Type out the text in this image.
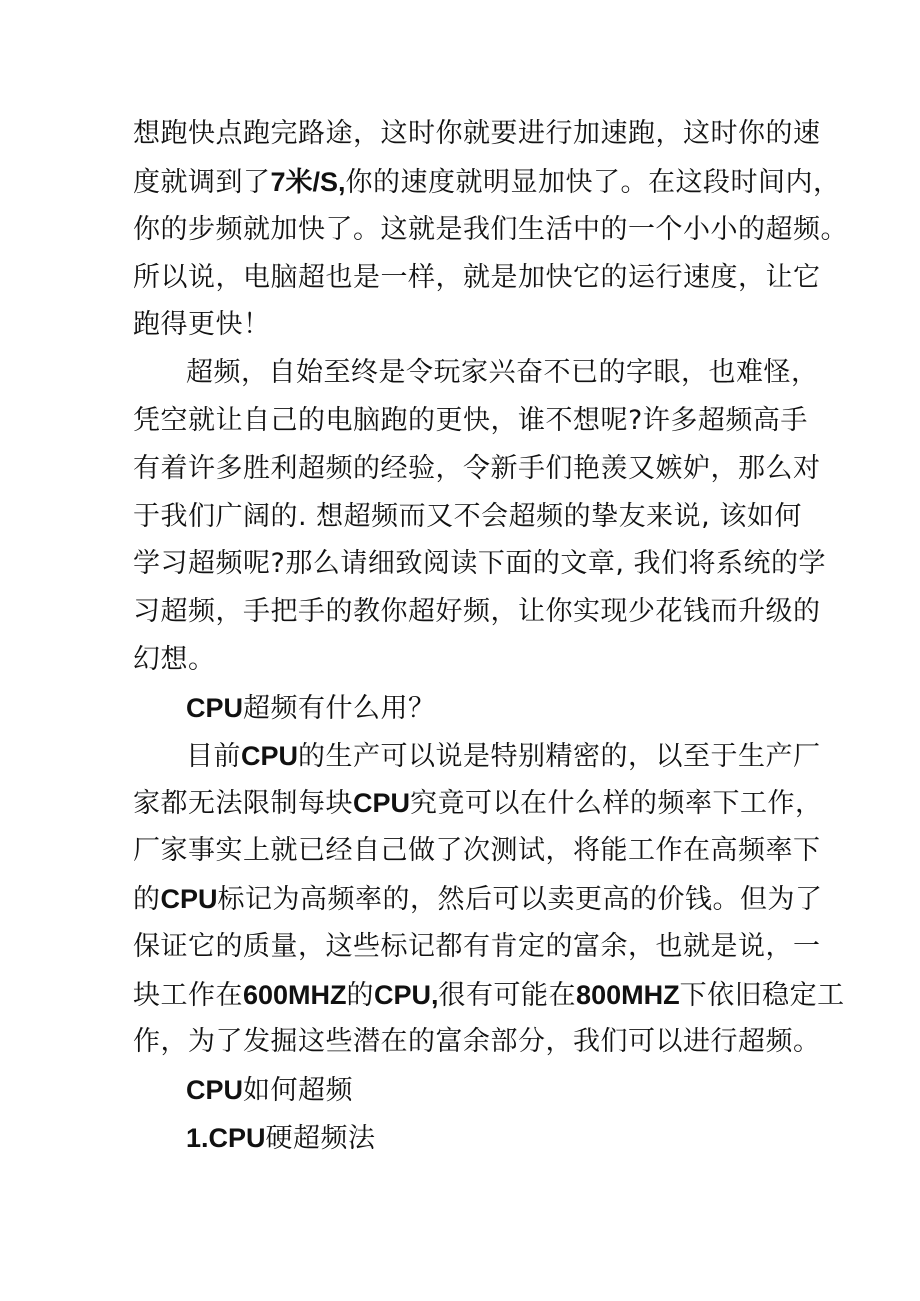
想跑快点跑完路途，这时你就要进行加速跑，这时你的速
度就调到了7米/S,你的速度就明显加快了。在这段时间内，
你的步频就加快了。这就是我们生活中的一个小小的超频。
所以说，电脑超也是一样，就是加快它的运行速度，让它
跑得更快！
超频，自始至终是令玩家兴奋不已的字眼，也难怪，
凭空就让自己的电脑跑的更快，谁不想呢?许多超频高手
有着许多胜利超频的经验，令新手们艳羡又嫉妒，那么对
于我们广阔的. 想超频而又不会超频的挚友来说, 该如何
学习超频呢?那么请细致阅读下面的文章, 我们将系统的学
习超频，手把手的教你超好频，让你实现少花钱而升级的
幻想。
CPU超频有什么用？
目前CPU的生产可以说是特别精密的，以至于生产厂
家都无法限制每块CPU究竟可以在什么样的频率下工作，
厂家事实上就已经自己做了次测试，将能工作在高频率下
的CPU标记为高频率的，然后可以卖更高的价钱。但为了
保证它的质量，这些标记都有肯定的富余，也就是说，一
块工作在600MHZ的CPU,很有可能在800MHZ下依旧稳定工
作，为了发掘这些潜在的富余部分，我们可以进行超频。
CPU如何超频
1.CPU硬超频法
